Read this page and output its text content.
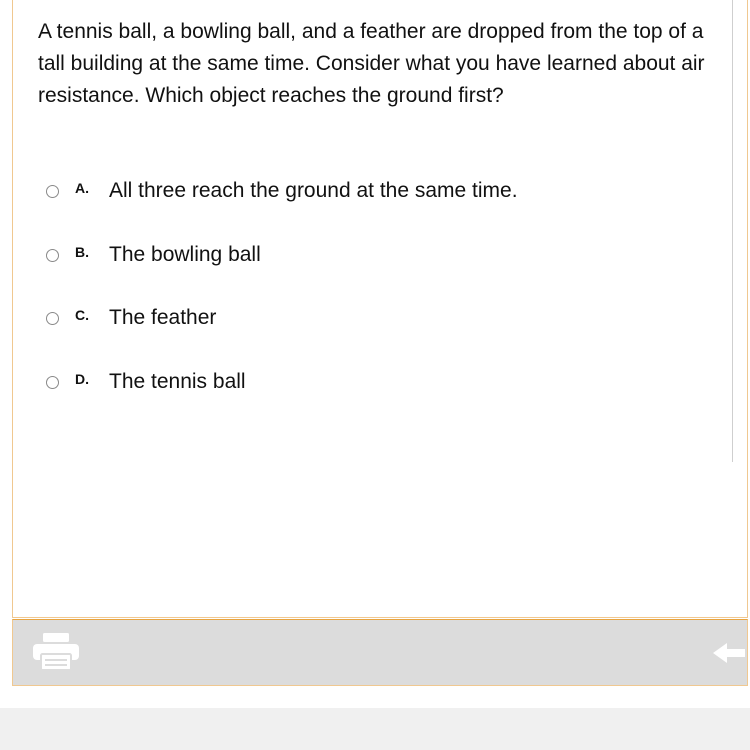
A tennis ball, a bowling ball, and a feather are dropped from the top of a tall building at the same time. Consider what you have learned about air resistance. Which object reaches the ground first?

A. All three reach the ground at the same time.
B. The bowling ball
C. The feather
D. The tennis ball
